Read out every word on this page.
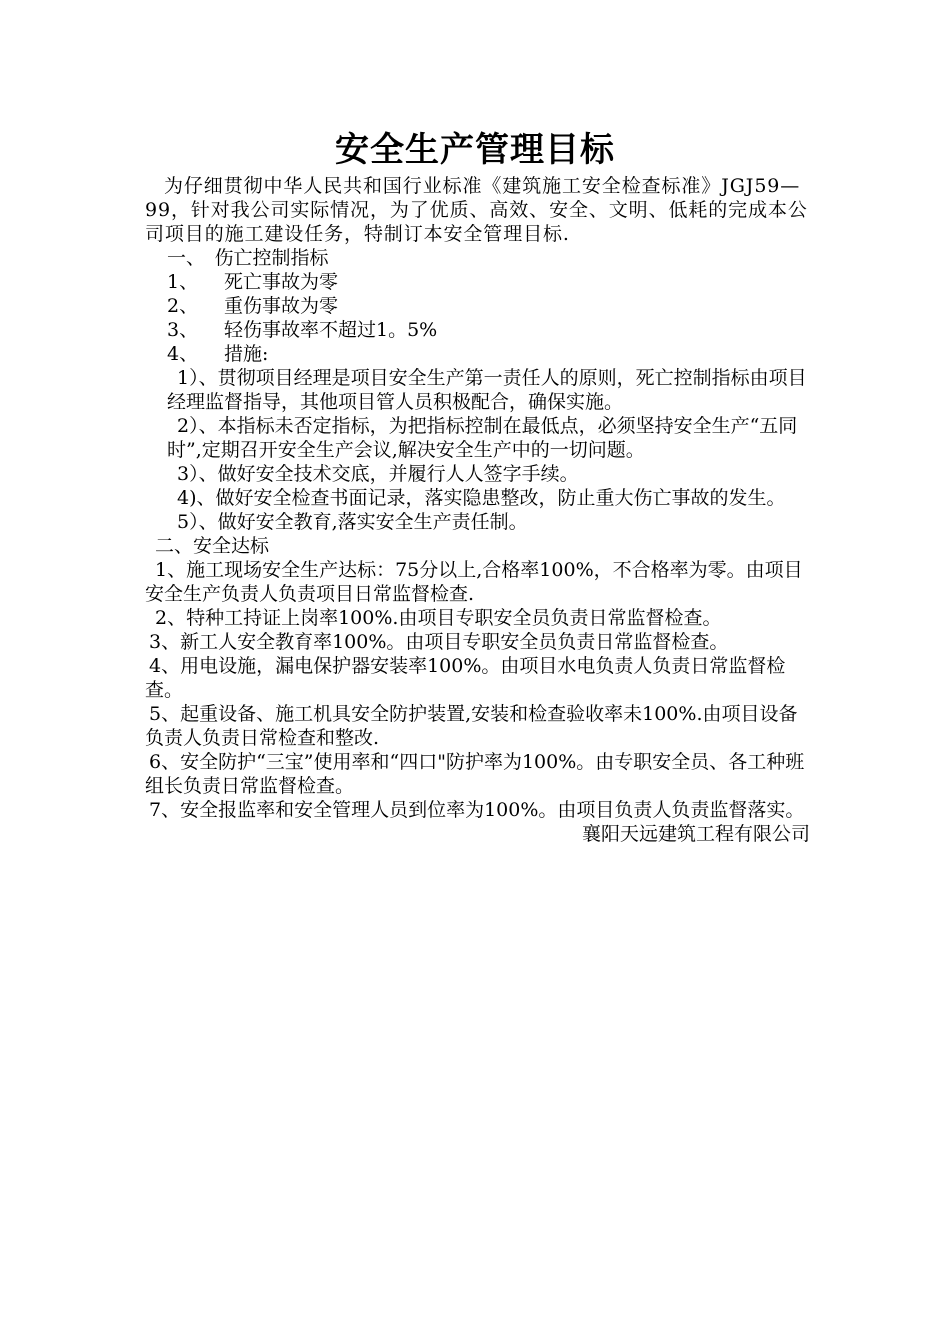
安全生产管理目标

为仔细贯彻中华人民共和国行业标准《建筑施工安全检查标准》JGJ59—99，针对我公司实际情况，为了优质、高效、安全、文明、低耗的完成本公司项目的施工建设任务，特制订本安全管理目标.

一、　伤亡控制指标

1、 死亡事故为零

2、 重伤事故为零

3、 轻伤事故率不超过1。5%

4、 措施:

1）、贯彻项目经理是项目安全生产第一责任人的原则，死亡控制指标由项目经理监督指导，其他项目管人员积极配合，确保实施。

2）、本指标未否定指标，为把指标控制在最低点，必须坚持安全生产“五同时”,定期召开安全生产会议,解决安全生产中的一切问题。

3）、做好安全技术交底，并履行人人签字手续。

4)、做好安全检查书面记录，落实隐患整改，防止重大伤亡事故的发生。

5）、做好安全教育,落实安全生产责任制。

二、安全达标

1、施工现场安全生产达标：75分以上,合格率100%，不合格率为零。由项目安全生产负责人负责项目日常监督检查.

2、特种工持证上岗率100%.由项目专职安全员负责日常监督检查。

3、新工人安全教育率100%。由项目专职安全员负责日常监督检查。

4、用电设施，漏电保护器安装率100%。由项目水电负责人负责日常监督检查。

5、起重设备、施工机具安全防护装置,安装和检查验收率未100%.由项目设备负责人负责日常检查和整改.

6、安全防护“三宝”使用率和“四口"防护率为100%。由专职安全员、各工种班组长负责日常监督检查。

7、安全报监率和安全管理人员到位率为100%。由项目负责人负责监督落实。

襄阳天远建筑工程有限公司
